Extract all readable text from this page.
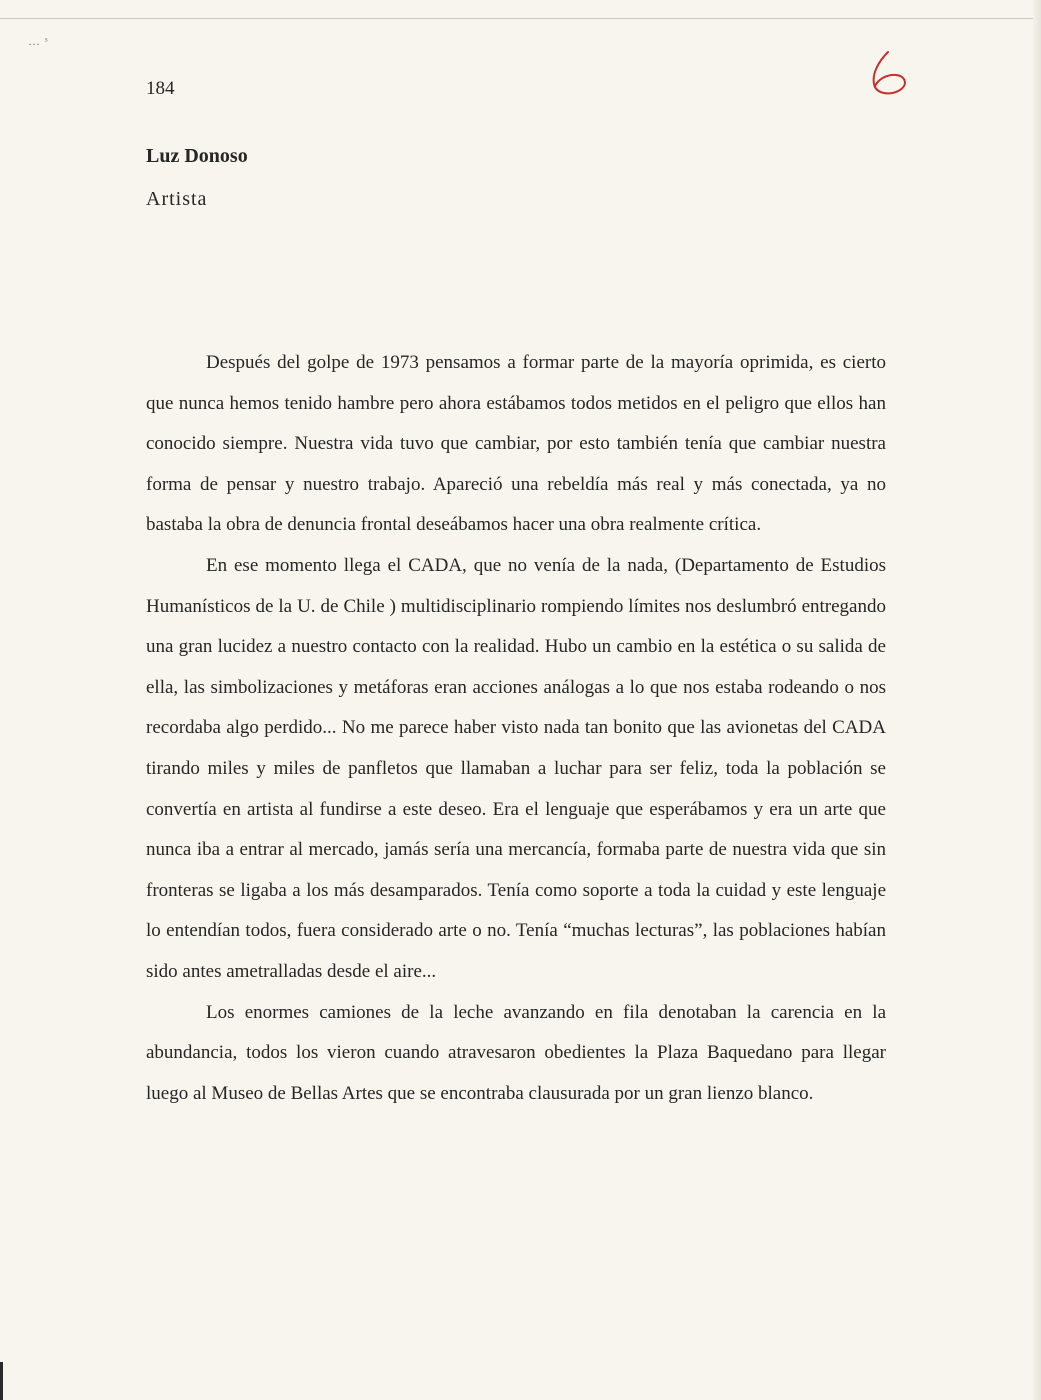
… ˢ
184
Luz Donoso
Artista

Después del golpe de 1973 pensamos a formar parte de la mayoría oprimida, es cierto que nunca hemos tenido hambre pero ahora estábamos todos metidos en el peligro que ellos han conocido siempre. Nuestra vida tuvo que cambiar, por esto también tenía que cambiar nuestra forma de pensar y nuestro trabajo. Apareció una rebeldía más real y más conectada, ya no bastaba la obra de denuncia frontal deseábamos hacer una obra realmente crítica.

En ese momento llega el CADA, que no venía de la nada, (Departamento de Estudios Humanísticos de la U. de Chile ) multidisciplinario rompiendo límites nos deslumbró entregando una gran lucidez a nuestro contacto con la realidad. Hubo un cambio en la estética o su salida de ella, las simbolizaciones y metáforas eran acciones análogas a lo que nos estaba rodeando o nos recordaba algo perdido... No me parece haber visto nada tan bonito que las avionetas del CADA tirando miles y miles de panfletos que llamaban a luchar para ser feliz, toda la población se convertía en artista al fundirse a este deseo. Era el lenguaje que esperábamos y era un arte que nunca iba a entrar al mercado, jamás sería una mercancía, formaba parte de nuestra vida que sin fronteras se ligaba a los más desamparados. Tenía como soporte a toda la cuidad y este lenguaje lo entendían todos, fuera considerado arte o no. Tenía “muchas lecturas”, las poblaciones habían sido antes ametralladas desde el aire...

Los enormes camiones de la leche avanzando en fila denotaban la carencia en la abundancia, todos los vieron cuando atravesaron obedientes la Plaza Baquedano para llegar luego al Museo de Bellas Artes que se encontraba clausurada por un gran lienzo blanco.
